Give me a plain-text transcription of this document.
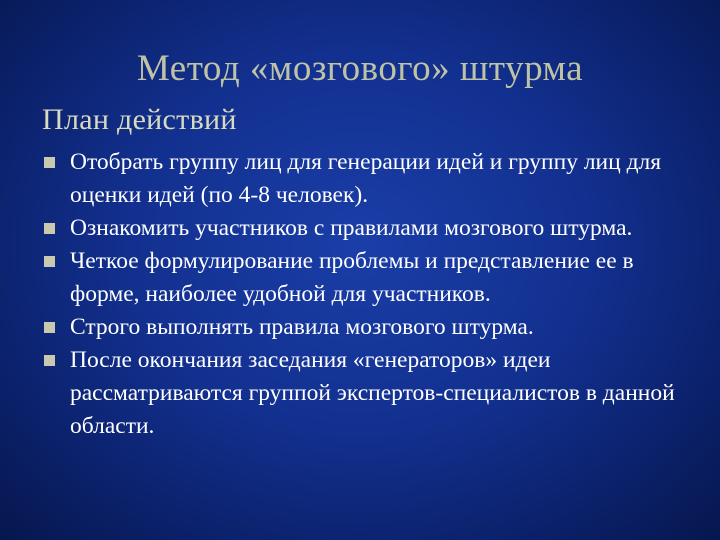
Метод «мозгового» штурма
План действий
Отобрать группу лиц для генерации идей и группу лиц для оценки идей (по 4-8 человек).
Ознакомить участников с правилами мозгового штурма.
Четкое формулирование проблемы и представление ее в форме, наиболее удобной для участников.
Строго выполнять правила мозгового штурма.
После окончания заседания «генераторов» идеи рассматриваются группой экспертов-специалистов в данной области.
